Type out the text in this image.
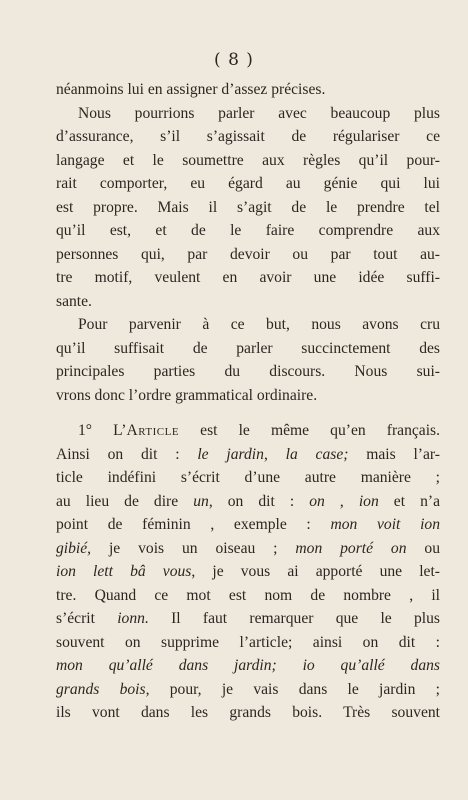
( 8 )
néanmoins lui en assigner d’assez précises.
Nous pourrions parler avec beaucoup plus
d’assurance, s’il s’agissait de régulariser ce
langage et le soumettre aux règles qu’il pour-
rait comporter, eu égard au génie qui lui
est propre. Mais il s’agit de le prendre tel
qu’il est, et de le faire comprendre aux
personnes qui, par devoir ou par tout au-
tre motif, veulent en avoir une idée suffi-
sante.
Pour parvenir à ce but, nous avons cru
qu’il suffisait de parler succinctement des
principales parties du discours. Nous sui-
vrons donc l’ordre grammatical ordinaire.
1° L’Article est le même qu’en français.
Ainsi on dit : le jardin, la case; mais l’ar-
ticle indéfini s’écrit d’une autre manière ;
au lieu de dire un, on dit : on , ion et n’a
point de féminin , exemple : mon voit ion
gibié, je vois un oiseau ; mon porté on ou
ion lett bâ vous, je vous ai apporté une let-
tre. Quand ce mot est nom de nombre , il
s’écrit ionn. Il faut remarquer que le plus
souvent on supprime l’article; ainsi on dit :
mon qu’allé dans jardin; io qu’allé dans
grands bois, pour, je vais dans le jardin ;
ils vont dans les grands bois. Très souvent
